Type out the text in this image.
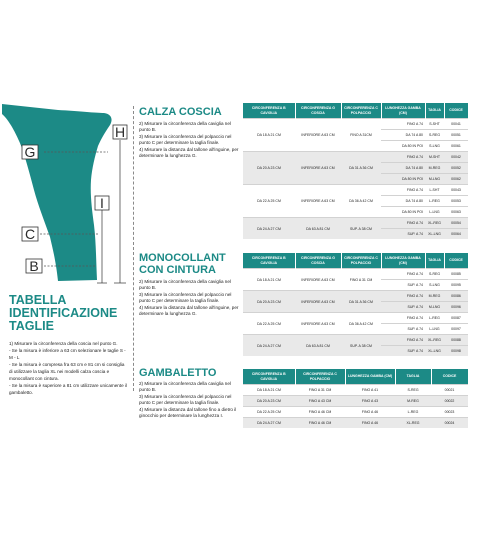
H
G
I
C
B
TABELLA
IDENTIFICAZIONE
TAGLIE

1) Misurare la circonferenza della coscia nel punto G.

- Se la misura è inferiore a 63 cm selezionare le taglie S - M - L

- Se la misura è compresa fra 63 cm e 81 cm si consiglia di utilizzare la taglia XL nei modelli calza coscia e monocollant con cintura.

- Se la misura è superiore a 81 cm utilizzare unicamente il gambaletto.

CALZA COSCIA

2) Misurare la circonferenza della caviglia nel punto B.

3) Misurare la circonferenza del polpaccio nel punto C per determinare la taglia finale.

4) Misurare la distanza dal tallone all'inguine, per determinare la lunghezza G.

CIRCONFERENZA B CAVIGLIA	CIRCONFERENZA G COSCIA	CIRCONFERENZA C POLPACCIO	LUNGHEZZA GAMBA (CM)	TAGLIA	CODICE
DA 18 A 21 CM	INFERIORE A 63 CM	FINO A 31CM	FINO A 74	S-SHT	00041
			DA 74 A 80	S-REG	00051
			DA 80 IN POI	S-LNG	00061
DA 20 A 23 CM	INFERIORE A 63 CM	DA 31 A 36 CM	FINO A 74	M-SHT	00042
			DA 74 A 80	M-REG	00052
			DA 80 IN POI	M-LNG	00062
DA 22 A 25 CM	INFERIORE A 63 CM	DA 36 A 42 CM	FINO A 74	L-SHT	00043
			DA 74 A 80	L-REG	00053
			DA 80 IN POI	L-LNG	00063
DA 24 A 27 CM	DA 63 A 81 CM	SUP. A 38 CM	FINO A 74	XL-REG	00054
			SUP. A 74	XL-LNG	00064
MONOCOLLANT CON CINTURA

2) Misurare la circonferenza della caviglia nel punto B.

3) Misurare la circonferenza del polpaccio nel punto C per determinare la taglia finale.

4) Misurare la distanza dal tallone all'inguine, per determinare la lunghezza G.

CIRCONFERENZA B CAVIGLIA	CIRCONFERENZA G COSCIA	CIRCONFERENZA C POLPACCIO	LUNGHEZZA GAMBA (CM)	TAGLIA	CODICE
DA 18 A 21 CM	INFERIORE A 63 CM	FINO A 31 CM	FINO A 74	S-REG	00085
			SUP. A 74	S-LNG	00095
DA 20 A 23 CM	INFERIORE A 63 CM	DA 31 A 36 CM	FINO A 74	M-REG	00086
			SUP. A 74	M-LNG	00096
DA 22 A 25 CM	INFERIORE A 63 CM	DA 36 A 42 CM	FINO A 74	L-REG	00087
			SUP. A 74	L-LNG	00097
DA 24 A 27 CM	DA 63 A 81 CM	SUP. A 38 CM	FINO A 74	XL-REG	00088
			SUP. A 74	XL-LNG	00098
GAMBALETTO

2) Misurare la circonferenza della caviglia nel punto B.

3) Misurare la circonferenza del polpaccio nel punto C per determinare la taglia finale.

4) Misurare la distanza dal tallone fino a dietro il ginocchio per determinare la lunghezza I.

CIRCONFERENZA B CAVIGLIA	CIRCONFERENZA C POLPACCIO	LUNGHEZZA GAMBA (CM)	TAGLIA	CODICE
DA 18 A 21 CM	FINO A 31 CM	FINO A 41	S-REG	00021
DA 20 A 23 CM	FINO A 43 CM	FINO A 43	M-REG	00022
DA 22 A 25 CM	FINO A 46 CM	FINO A 46	L-REG	00023
DA 24 A 27 CM	FINO A 46 CM	FINO A 46	XL-REG	00024
